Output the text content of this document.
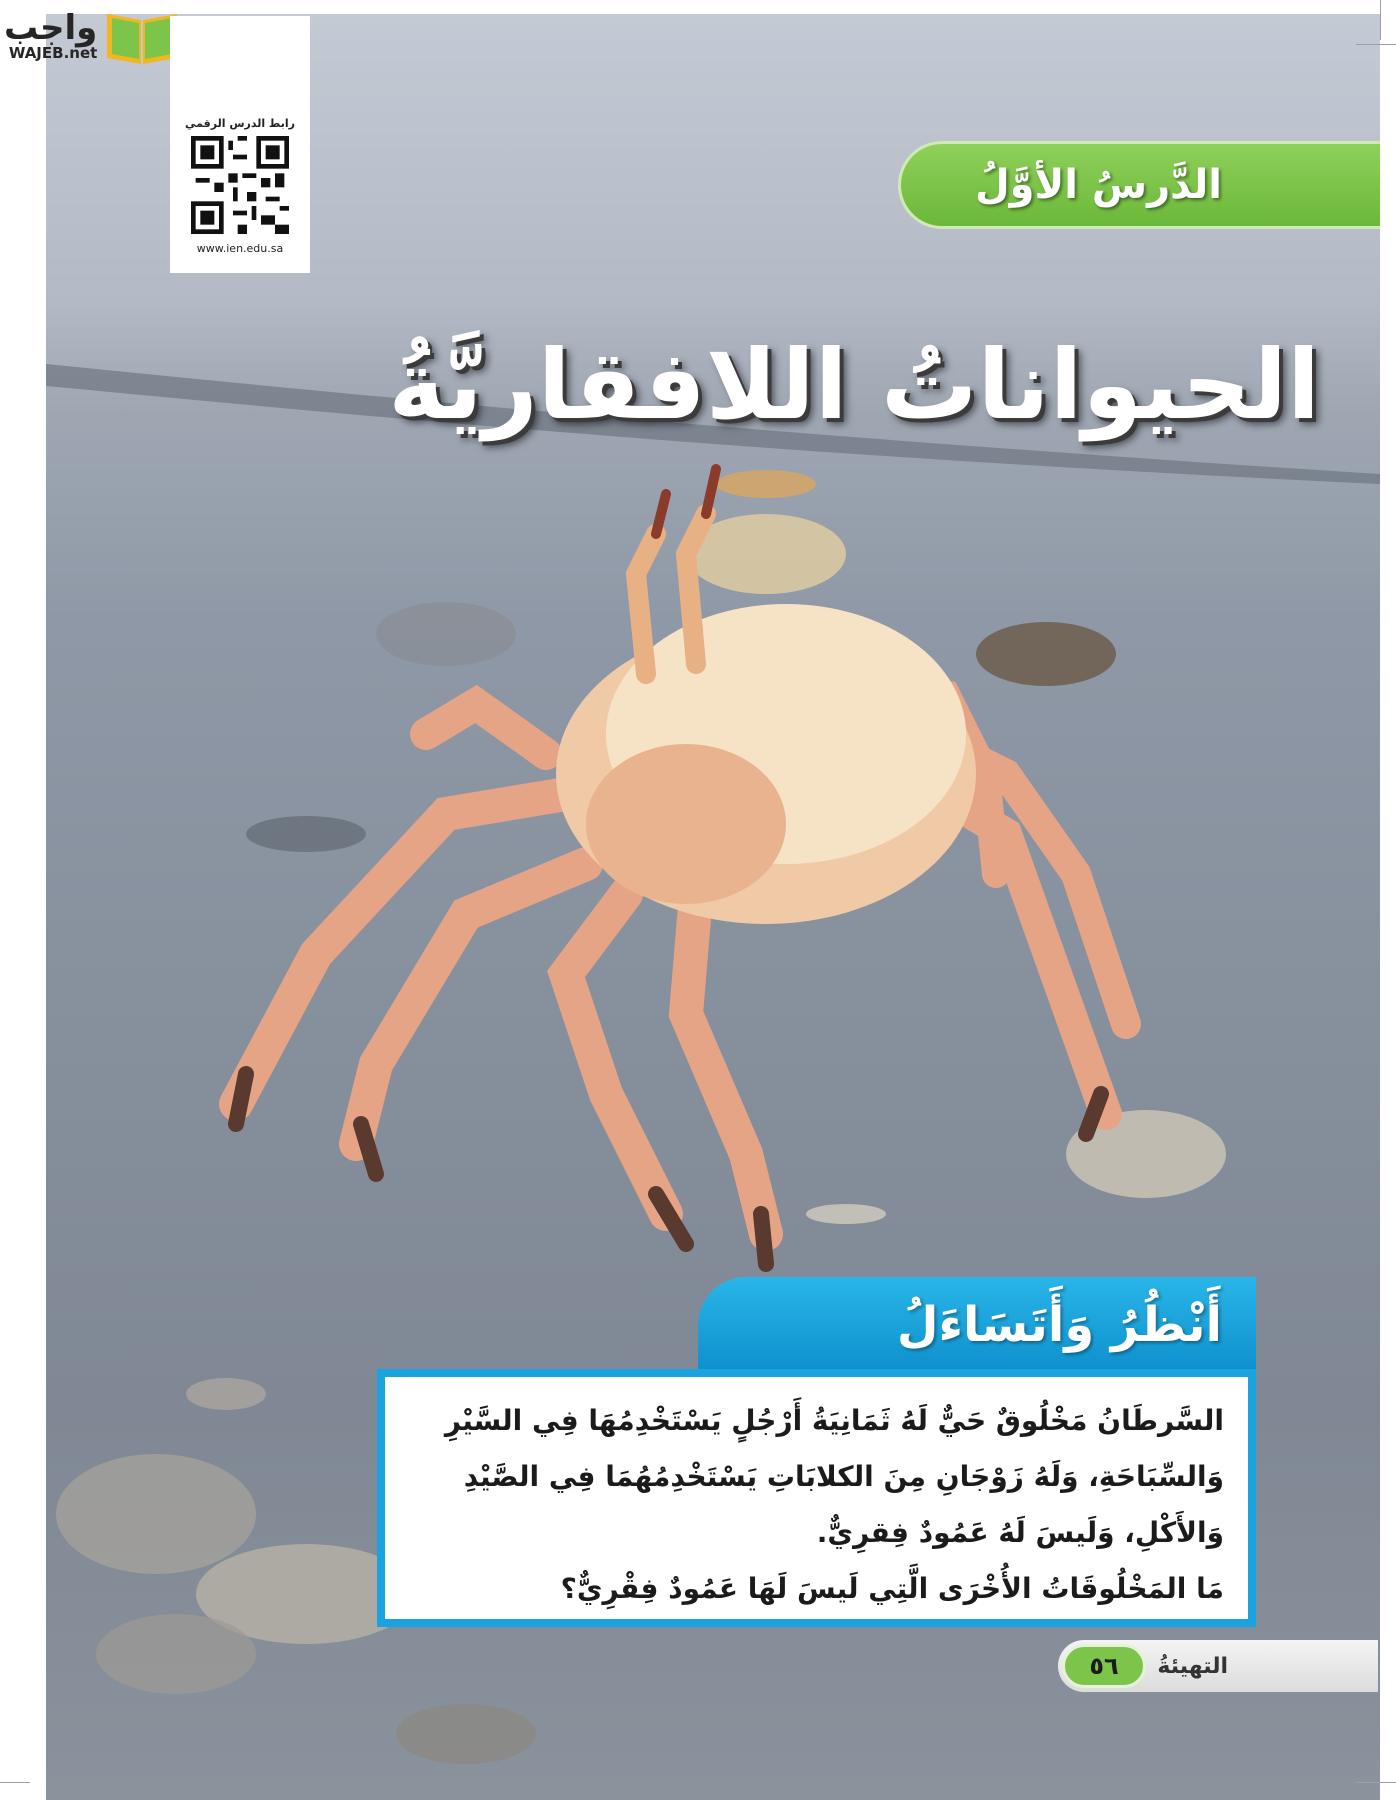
واجب
WAJEB.net
رابط الدرس الرقمي
www.ien.edu.sa
الدَّرسُ الأوَّلُ
الحيواناتُ اللافقاريَّةُ
أَنْظُرُ وَأَتَسَاءَلُ

السَّرطَانُ مَخْلُوقٌ حَيٌّ لَهُ ثَمَانِيَةُ أَرْجُلٍ يَسْتَخْدِمُهَا فِي السَّيْرِ وَالسِّبَاحَةِ، وَلَهُ زَوْجَانِ مِنَ الكلابَاتِ يَسْتَخْدِمُهُمَا فِي الصَّيْدِ وَالأَكْلِ، وَلَيسَ لَهُ عَمُودٌ فِقرِيٌّ.

مَا المَخْلُوقَاتُ الأُخْرَى الَّتِي لَيسَ لَهَا عَمُودٌ فِقْرِيٌّ؟

٥٦	التهيئةُ
